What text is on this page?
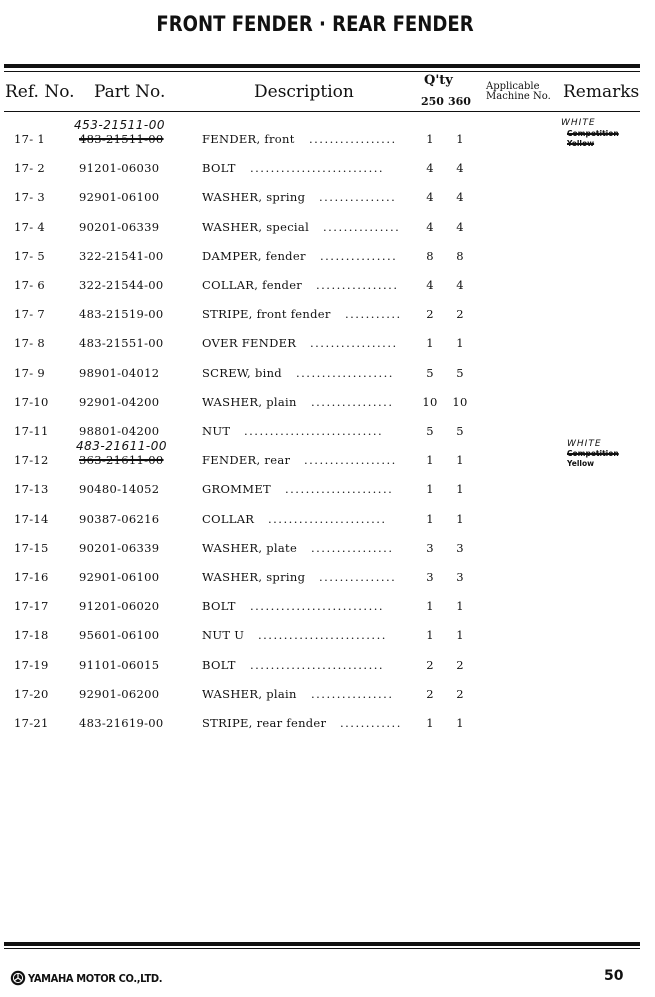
FRONT FENDER · REAR FENDER
Ref. No. Part No.	Description
Q'ty
250 360
Applicable
Machine No. Remarks
17- 1	483-21511-00	FENDER, front .................	1	1
17- 2	91201-06030	BOLT ..........................	4	4
17- 3	92901-06100	WASHER, spring ...............	4	4
17- 4	90201-06339	WASHER, special ...............	4	4
17- 5	322-21541-00	DAMPER, fender ...............	8	8
17- 6	322-21544-00	COLLAR, fender ................	4	4
17- 7	483-21519-00	STRIPE, front fender ...........	2	2
17- 8	483-21551-00	OVER FENDER .................	1	1
17- 9	98901-04012	SCREW, bind ...................	5	5
17-10	92901-04200	WASHER, plain ................	10 10
17-11	98801-04200	NUT ...........................	5	5
17-12	363-21611-00	FENDER, rear ..................	1	1
17-13	90480-14052	GROMMET .....................	1	1
17-14	90387-06216	COLLAR .......................	1	1
17-15	90201-06339	WASHER, plate ................	3	3
17-16	92901-06100	WASHER, spring ...............	3	3
17-17	91201-06020	BOLT ..........................	1	1
17-18	95601-06100	NUT U .........................	1	1
17-19	91101-06015	BOLT ..........................	2	2
17-20	92901-06200	WASHER, plain ................	2	2
17-21	483-21619-00	STRIPE, rear fender ............	1	1
453-21511-00
483-21611-00
WHITE
Competition
Yellow
WHITE
Competition
Yellow
YAMAHA MOTOR CO.,LTD.	50
